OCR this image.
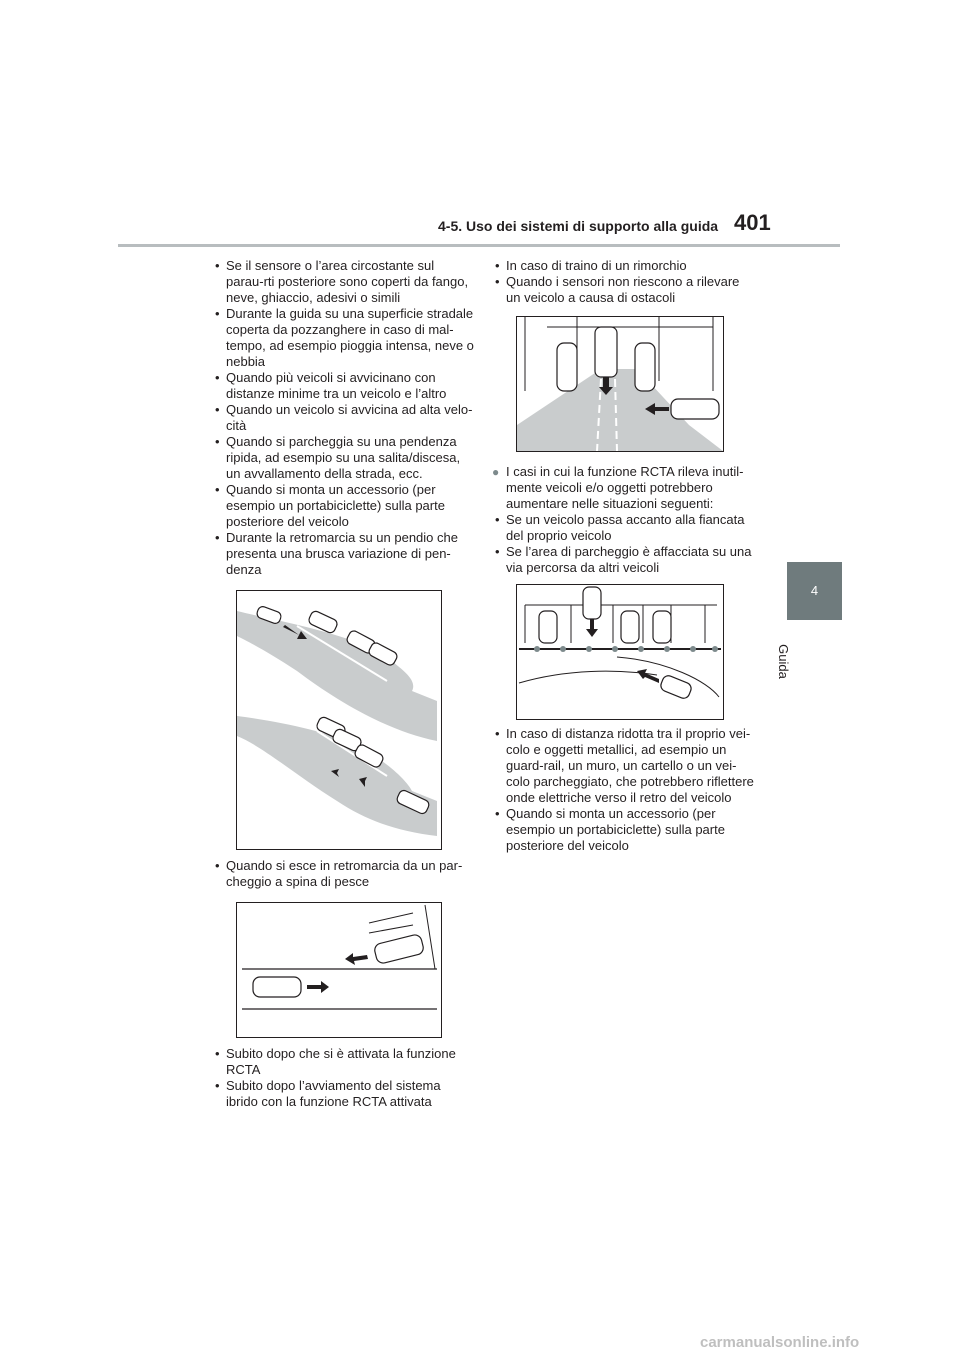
4-5. Uso dei sistemi di supporto alla guida 401
4
Guida
• Se il sensore o l’area circostante sul parau-rti posteriore sono coperti da fango, neve, ghiaccio, adesivi o simili
• Durante la guida su una superficie stradale coperta da pozzanghere in caso di mal-tempo, ad esempio pioggia intensa, neve o nebbia
• Quando più veicoli si avvicinano con distanze minime tra un veicolo e l’altro
• Quando un veicolo si avvicina ad alta velo-cità
• Quando si parcheggia su una pendenza ripida, ad esempio su una salita/discesa, un avvallamento della strada, ecc.
• Quando si monta un accessorio (per esempio un portabiciclette) sulla parte posteriore del veicolo
• Durante la retromarcia su un pendio che presenta una brusca variazione di pen-denza
• Quando si esce in retromarcia da un par-cheggio a spina di pesce
• Subito dopo che si è attivata la funzione RCTA
• Subito dopo l’avviamento del sistema ibrido con la funzione RCTA attivata
• In caso di traino di un rimorchio
• Quando i sensori non riescono a rilevare un veicolo a causa di ostacoli
● I casi in cui la funzione RCTA rileva inutil-mente veicoli e/o oggetti potrebbero aumentare nelle situazioni seguenti:
• Se un veicolo passa accanto alla fiancata del proprio veicolo
• Se l’area di parcheggio è affacciata su una via percorsa da altri veicoli
• In caso di distanza ridotta tra il proprio vei-colo e oggetti metallici, ad esempio un guard-rail, un muro, un cartello o un vei-colo parcheggiato, che potrebbero riflettere onde elettriche verso il retro del veicolo
• Quando si monta un accessorio (per esempio un portabiciclette) sulla parte posteriore del veicolo
carmanualsonline.info
